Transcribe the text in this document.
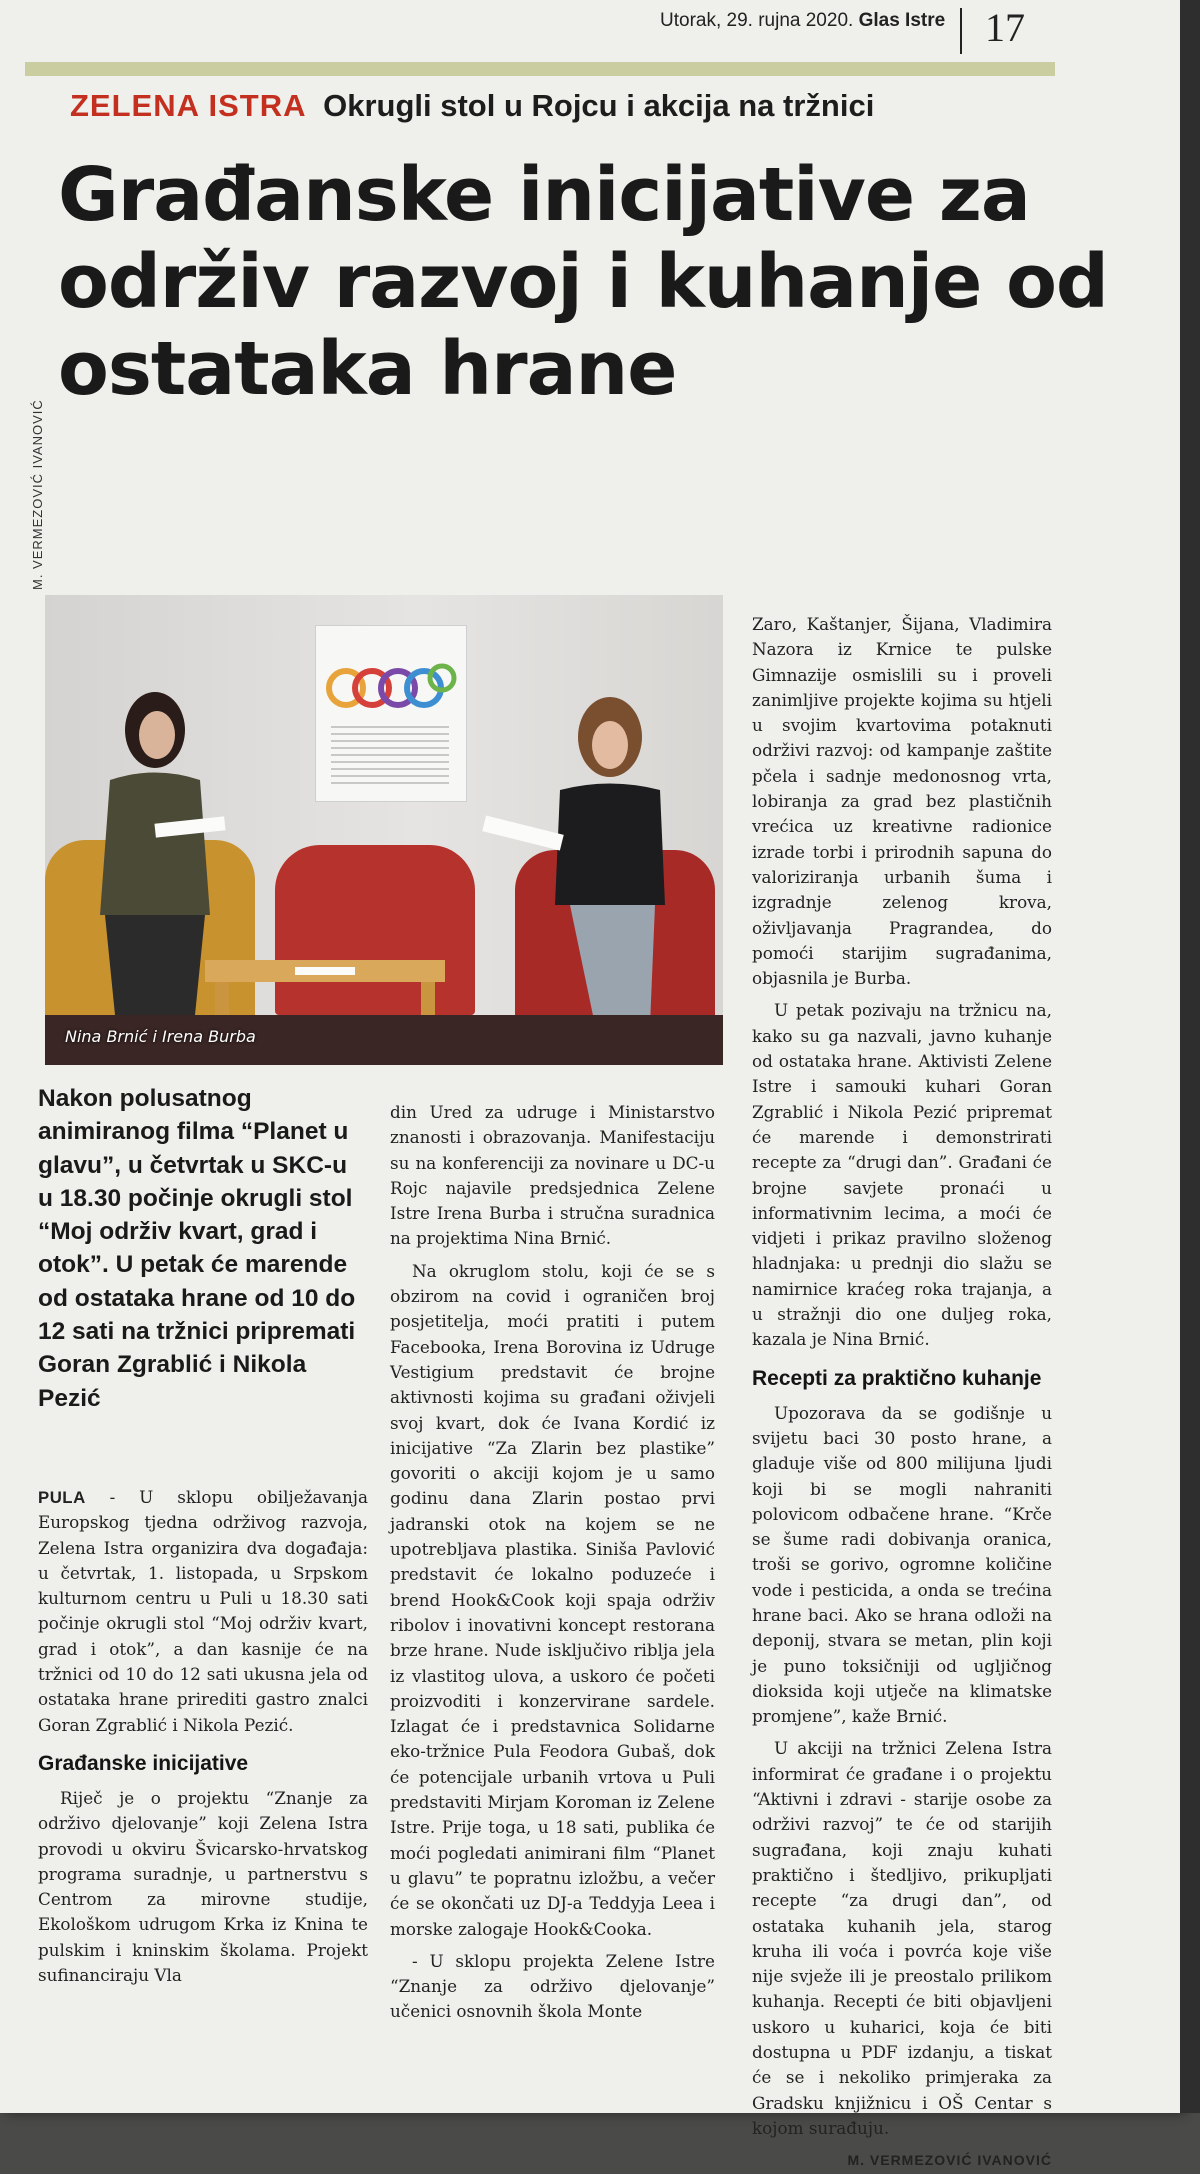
Utorak, 29. rujna 2020. Glas Istre 17
ZELENA ISTRA Okrugli stol u Rojcu i akcija na tržnici
Građanske inicijative za održiv razvoj i kuhanje od ostataka hrane
M. VERMEZOVIĆ IVANOVIĆ
Nina Brnić i Irena Burba

Nakon polusatnog animiranog filma “Planet u glavu”, u četvrtak u SKC-u u 18.30 počinje okrugli stol “Moj održiv kvart, grad i otok”. U petak će marende od ostataka hrane od 10 do 12 sati na tržnici pripremati Goran Zgrablić i Nikola Pezić

PULA - U sklopu obilježavanja Europskog tjedna održivog razvoja, Zelena Istra organizira dva događaja: u četvrtak, 1. listopada, u Srpskom kulturnom centru u Puli u 18.30 sati počinje okrugli stol “Moj održiv kvart, grad i otok”, a dan kasnije će na tržnici od 10 do 12 sati ukusna jela od ostataka hrane prirediti gastro znalci Goran Zgrablić i Nikola Pezić.

Građanske inicijative

Riječ je o projektu “Znanje za održivo djelovanje” koji Zelena Istra provodi u okviru Švicarsko-hrvatskog programa suradnje, u partnerstvu s Centrom za mirovne studije, Ekološkom udrugom Krka iz Knina te pulskim i kninskim školama. Projekt sufinanciraju Vla

din Ured za udruge i Ministarstvo znanosti i obrazovanja. Manifestaciju su na konferenciji za novinare u DC-u Rojc najavile predsjednica Zelene Istre Irena Burba i stručna suradnica na projektima Nina Brnić.

Na okruglom stolu, koji će se s obzirom na covid i ograničen broj posjetitelja, moći pratiti i putem Facebooka, Irena Borovina iz Udruge Vestigium predstavit će brojne aktivnosti kojima su građani oživjeli svoj kvart, dok će Ivana Kordić iz inicijative “Za Zlarin bez plastike” govoriti o akciji kojom je u samo godinu dana Zlarin postao prvi jadranski otok na kojem se ne upotrebljava plastika. Siniša Pavlović predstavit će lokalno poduzeće i brend Hook&Cook koji spaja održiv ribolov i inovativni koncept restorana brze hrane. Nude isključivo riblja jela iz vlastitog ulova, a uskoro će početi proizvoditi i konzervirane sardele. Izlagat će i predstavnica Solidarne eko-tržnice Pula Feodora Gubaš, dok će potencijale urbanih vrtova u Puli predstaviti Mirjam Koroman iz Zelene Istre. Prije toga, u 18 sati, publika će moći pogledati animirani film “Planet u glavu” te popratnu izložbu, a večer će se okončati uz DJ-a Teddyja Leea i morske zalogaje Hook&Cooka.

- U sklopu projekta Zelene Istre “Znanje za održivo djelovanje” učenici osnovnih škola Monte

Zaro, Kaštanjer, Šijana, Vladimira Nazora iz Krnice te pulske Gimnazije osmislili su i proveli zanimljive projekte kojima su htjeli u svojim kvartovima potaknuti održivi razvoj: od kampanje zaštite pčela i sadnje medonosnog vrta, lobiranja za grad bez plastičnih vrećica uz kreativne radionice izrade torbi i prirodnih sapuna do valoriziranja urbanih šuma i izgradnje zelenog krova, oživljavanja Pragrandea, do pomoći starijim sugrađanima, objasnila je Burba.

U petak pozivaju na tržnicu na, kako su ga nazvali, javno kuhanje od ostataka hrane. Aktivisti Zelene Istre i samouki kuhari Goran Zgrablić i Nikola Pezić pripremat će marende i demonstrirati recepte za “drugi dan”. Građani će brojne savjete pronaći u informativnim lecima, a moći će vidjeti i prikaz pravilno složenog hladnjaka: u prednji dio slažu se namirnice kraćeg roka trajanja, a u stražnji dio one duljeg roka, kazala je Nina Brnić.

Recepti za praktično kuhanje

Upozorava da se godišnje u svijetu baci 30 posto hrane, a gladuje više od 800 milijuna ljudi koji bi se mogli nahraniti polovicom odbačene hrane. “Krče se šume radi dobivanja oranica, troši se gorivo, ogromne količine vode i pesticida, a onda se trećina hrane baci. Ako se hrana odloži na deponij, stvara se metan, plin koji je puno toksičniji od ugljičnog dioksida koji utječe na klimatske promjene”, kaže Brnić.

U akciji na tržnici Zelena Istra informirat će građane i o projektu “Aktivni i zdravi - starije osobe za održivi razvoj” te će od starijih sugrađana, koji znaju kuhati praktično i štedljivo, prikupljati recepte “za drugi dan”, od ostataka kuhanih jela, starog kruha ili voća i povrća koje više nije svježe ili je preostalo prilikom kuhanja. Recepti će biti objavljeni uskoro u kuharici, koja će biti dostupna u PDF izdanju, a tiskat će se i nekoliko primjeraka za Gradsku knjižnicu i OŠ Centar s kojom surađuju.

M. VERMEZOVIĆ IVANOVIĆ
